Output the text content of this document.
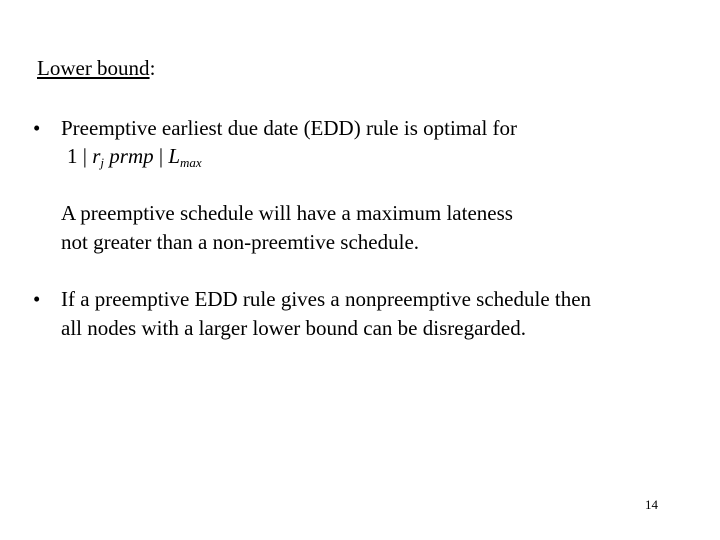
Lower bound:
• Preemptive earliest due date (EDD) rule is optimal for
1 | $r_j$ prmp | $L_{max}$
A preemptive schedule will have a maximum lateness
not greater than a non-preemtive schedule.
• If a preemptive EDD rule gives a nonpreemptive schedule then
all nodes with a larger lower bound can be disregarded.
14
